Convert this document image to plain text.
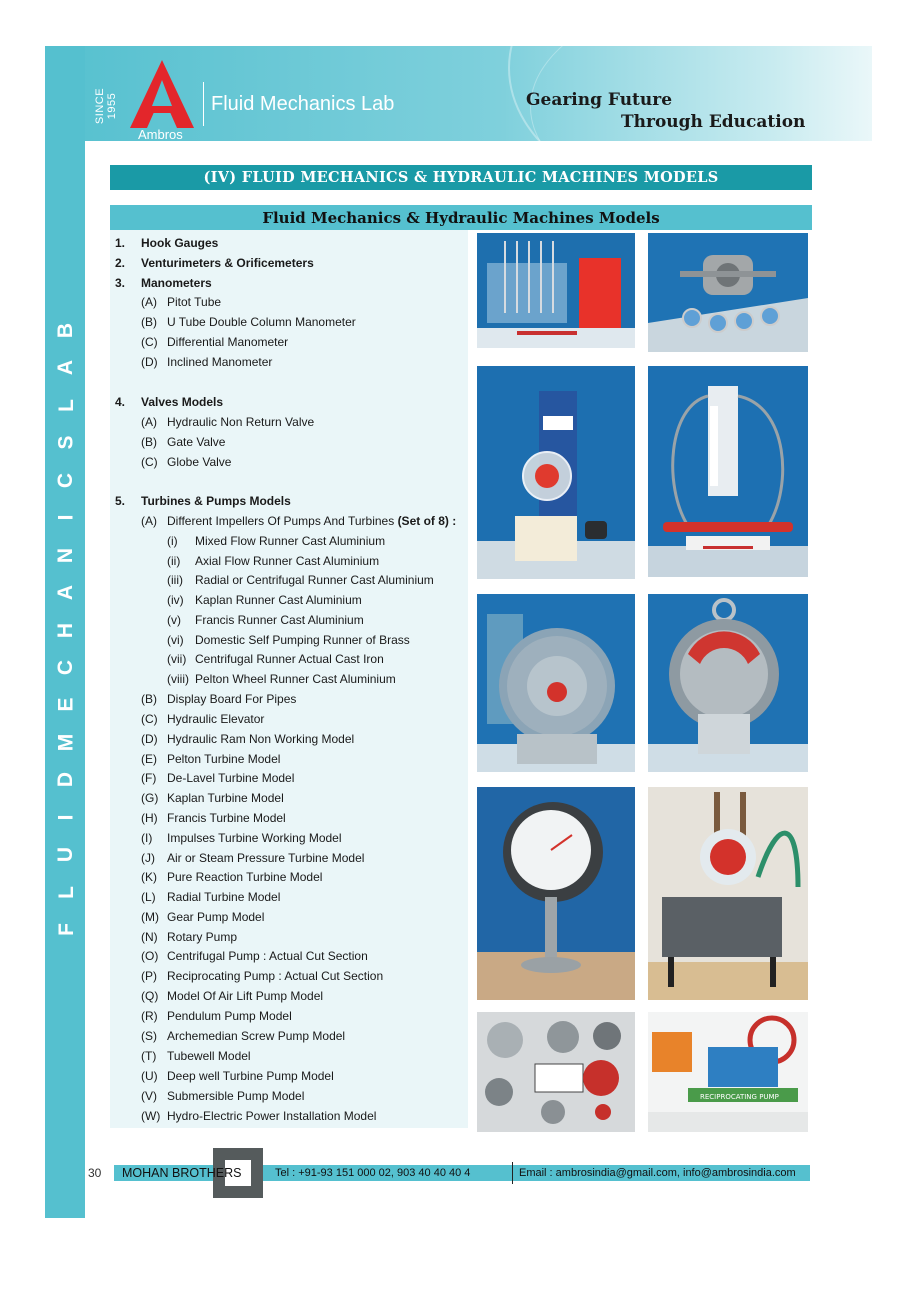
SINCE 1955
Ambros
Fluid Mechanics Lab	Gearing Future
Through Education
B
A
L
S
C
I
N
A
H
C
E
M
D
I
U
L
F
(IV) FLUID MECHANICS & HYDRAULIC MACHINES MODELS
Fluid Mechanics & Hydraulic Machines Models
1. Hook Gauges
2. Venturimeters & Orificemeters
3. Manometers
(A) Pitot Tube
(B) U Tube Double Column Manometer
(C) Differential Manometer
(D) Inclined Manometer
4. Valves Models
(A) Hydraulic Non Return Valve
(B) Gate Valve
(C) Globe Valve
5. Turbines & Pumps Models
(A) Different Impellers Of Pumps And Turbines (Set of 8) :
(i) Mixed Flow Runner Cast Aluminium
(ii) Axial Flow Runner Cast Aluminium
(iii) Radial or Centrifugal Runner Cast Aluminium
(iv) Kaplan Runner Cast Aluminium
(v) Francis Runner Cast Aluminium
(vi) Domestic Self Pumping Runner of Brass
(vii) Centrifugal Runner Actual Cast Iron
(viii) Pelton Wheel Runner Cast Aluminium
(B) Display Board For Pipes
(C) Hydraulic Elevator
(D) Hydraulic Ram Non Working Model
(E) Pelton Turbine Model
(F) De-Lavel Turbine Model
(G) Kaplan Turbine Model
(H) Francis Turbine Model
(I) Impulses Turbine Working Model
(J) Air or Steam Pressure Turbine Model
(K) Pure Reaction Turbine Model
(L) Radial Turbine Model
(M) Gear Pump Model
(N) Rotary Pump
(O) Centrifugal Pump : Actual Cut Section
(P) Reciprocating Pump : Actual Cut Section
(Q) Model Of Air Lift Pump Model
(R) Pendulum Pump Model
(S) Archemedian Screw Pump Model
(T) Tubewell Model
(U) Deep well Turbine Pump Model
(V) Submersible Pump Model
(W) Hydro-Electric Power Installation Model
RECIPROCATING PUMP
30 MOHAN BROTHERS	Tel : +91-93 151 000 02, 903 40 40 40 4	Email : ambrosindia@gmail.com, info@ambrosindia.com
